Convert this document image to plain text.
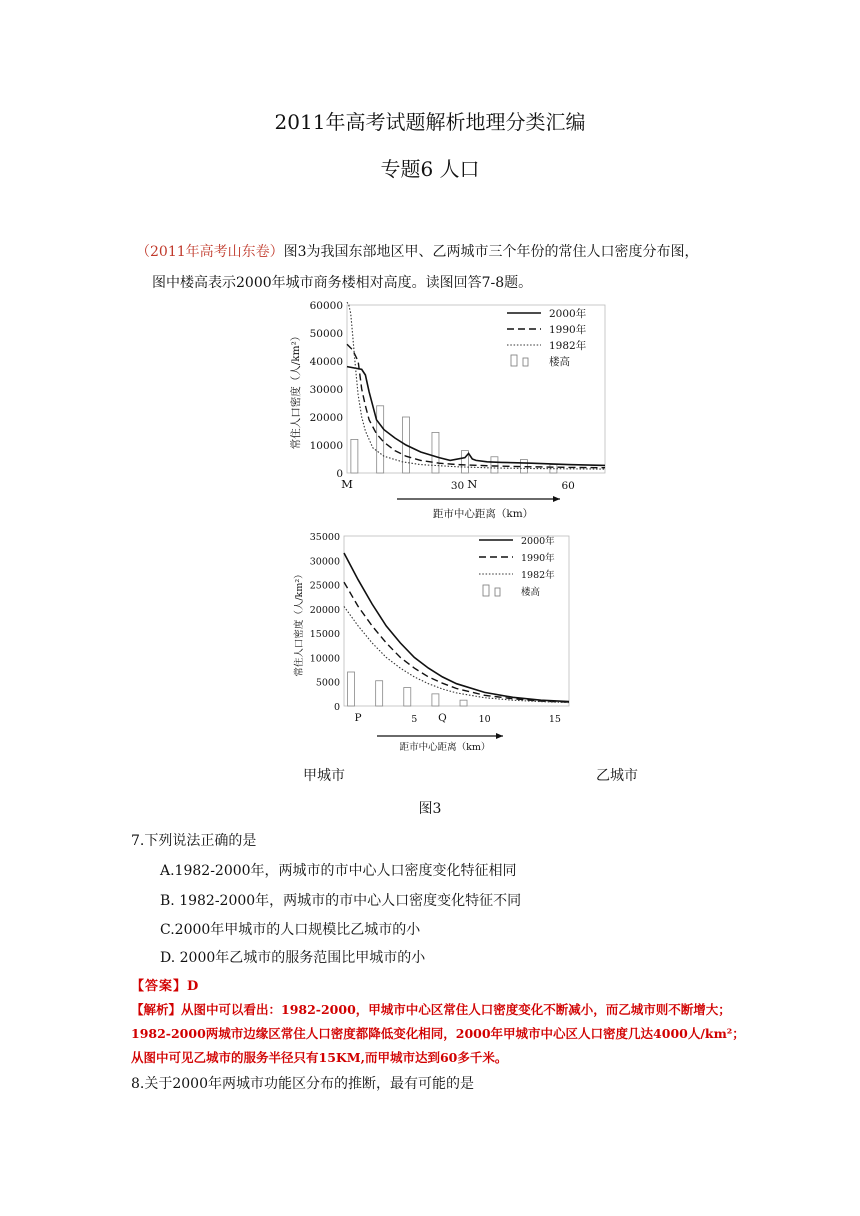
2011年高考试题解析地理分类汇编
专题6 人口
（2011年高考山东卷）图3为我国东部地区甲、乙两城市三个年份的常住人口密度分布图，
图中楼高表示2000年城市商务楼相对高度。读图回答7-8题。
60000
50000
40000
30000
20000
10000
0
30	60
M	N
距市中心距离（km）
常住人口密度（人/km²）
2000年
1990年
1982年
楼高
35000
30000
25000
20000
15000
10000
5000
0
5	10	15
P	Q
距市中心距离（km）
常住人口密度（人/km²）
2000年
1990年
1982年
楼高
甲城市	乙城市
图3
7.下列说法正确的是
A.1982-2000年，两城市的市中心人口密度变化特征相同
B. 1982-2000年，两城市的市中心人口密度变化特征不同
C.2000年甲城市的人口规模比乙城市的小
D. 2000年乙城市的服务范围比甲城市的小
【答案】D
【解析】从图中可以看出：1982-2000，甲城市中心区常住人口密度变化不断减小，而乙城市则不断增大；
1982-2000两城市边缘区常住人口密度都降低变化相同，2000年甲城市中心区人口密度几达4000人/km²；
从图中可见乙城市的服务半径只有15KM,而甲城市达到60多千米。
8.关于2000年两城市功能区分布的推断，最有可能的是
